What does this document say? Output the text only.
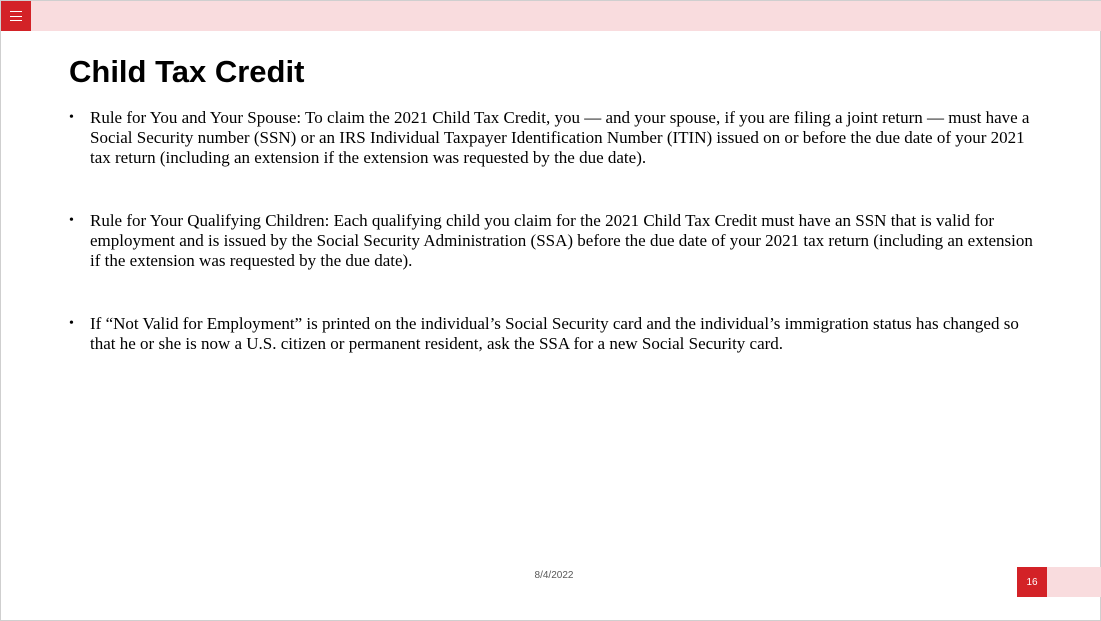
Child Tax Credit
• Rule for You and Your Spouse: To claim the 2021 Child Tax Credit, you — and your spouse, if you are filing a joint return — must have a Social Security number (SSN) or an IRS Individual Taxpayer Identification Number (ITIN) issued on or before the due date of your 2021 tax return (including an extension if the extension was requested by the due date).
• Rule for Your Qualifying Children: Each qualifying child you claim for the 2021 Child Tax Credit must have an SSN that is valid for employment and is issued by the Social Security Administration (SSA) before the due date of your 2021 tax return (including an extension if the extension was requested by the due date).
• If “Not Valid for Employment” is printed on the individual’s Social Security card and the individual’s immigration status has changed so that he or she is now a U.S. citizen or permanent resident, ask the SSA for a new Social Security card.
8/4/2022
16
